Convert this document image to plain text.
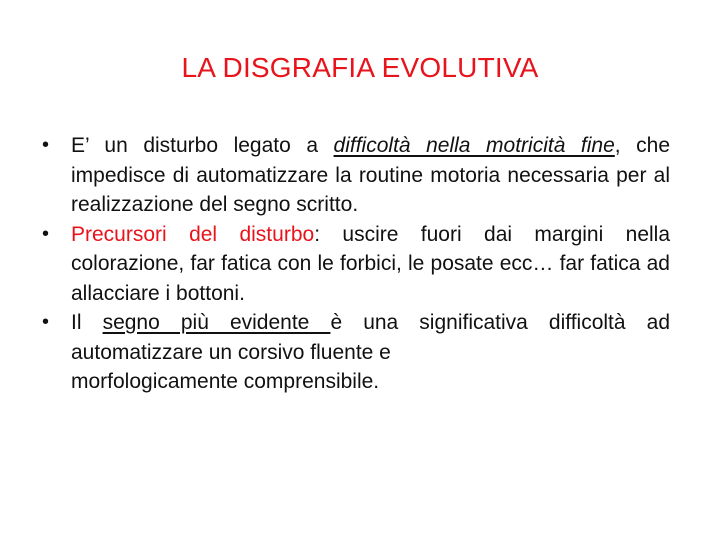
LA DISGRAFIA EVOLUTIVA
•	E’ un disturbo legato a difficoltà nella motricità fine, che impedisce di automatizzare la routine motoria necessaria per al realizzazione del segno scritto.
•	Precursori del disturbo: uscire fuori dai margini nella colorazione, far fatica con le forbici, le posate ecc… far fatica ad allacciare i bottoni.
•	Il segno più evidente è una significativa difficoltà ad automatizzare un corsivo fluente e
morfologicamente comprensibile.
